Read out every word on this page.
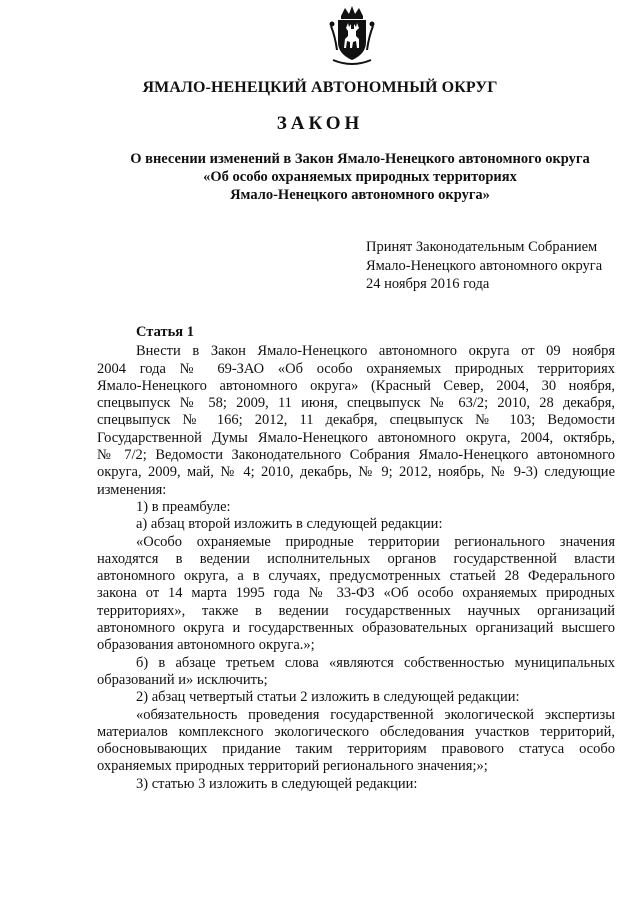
ЯМАЛО-НЕНЕЦКИЙ АВТОНОМНЫЙ ОКРУГ
ЗАКОН
О внесении изменений в Закон Ямало-Ненецкого автономного округа
«Об особо охраняемых природных территориях
Ямало-Ненецкого автономного округа»
Принят Законодательным Собранием
Ямало-Ненецкого автономного округа
24 ноября 2016 года
Статья 1

Внести в Закон Ямало-Ненецкого автономного округа от 09 ноября

2004 года № 69-ЗАО «Об особо охраняемых природных территориях

Ямало-Ненецкого автономного округа» (Красный Север, 2004, 30 ноября,

спецвыпуск № 58; 2009, 11 июня, спецвыпуск № 63/2; 2010, 28 декабря,

спецвыпуск № 166; 2012, 11 декабря, спецвыпуск № 103; Ведомости

Государственной Думы Ямало-Ненецкого автономного округа, 2004, октябрь,

№ 7/2; Ведомости Законодательного Собрания Ямало-Ненецкого автономного

округа, 2009, май, № 4; 2010, декабрь, № 9; 2012, ноябрь, № 9-3) следующие

изменения:

1) в преамбуле:

а) абзац второй изложить в следующей редакции:

«Особо охраняемые природные территории регионального значения

находятся в ведении исполнительных органов государственной власти

автономного округа, а в случаях, предусмотренных статьей 28 Федерального

закона от 14 марта 1995 года № 33-ФЗ «Об особо охраняемых природных

территориях», также в ведении государственных научных организаций

автономного округа и государственных образовательных организаций высшего

образования автономного округа.»;

б) в абзаце третьем слова «являются собственностью муниципальных

образований и» исключить;

2) абзац четвертый статьи 2 изложить в следующей редакции:

«обязательность проведения государственной экологической экспертизы

материалов комплексного экологического обследования участков территорий,

обосновывающих придание таким территориям правового статуса особо

охраняемых природных территорий регионального значения;»;

3) статью 3 изложить в следующей редакции:
